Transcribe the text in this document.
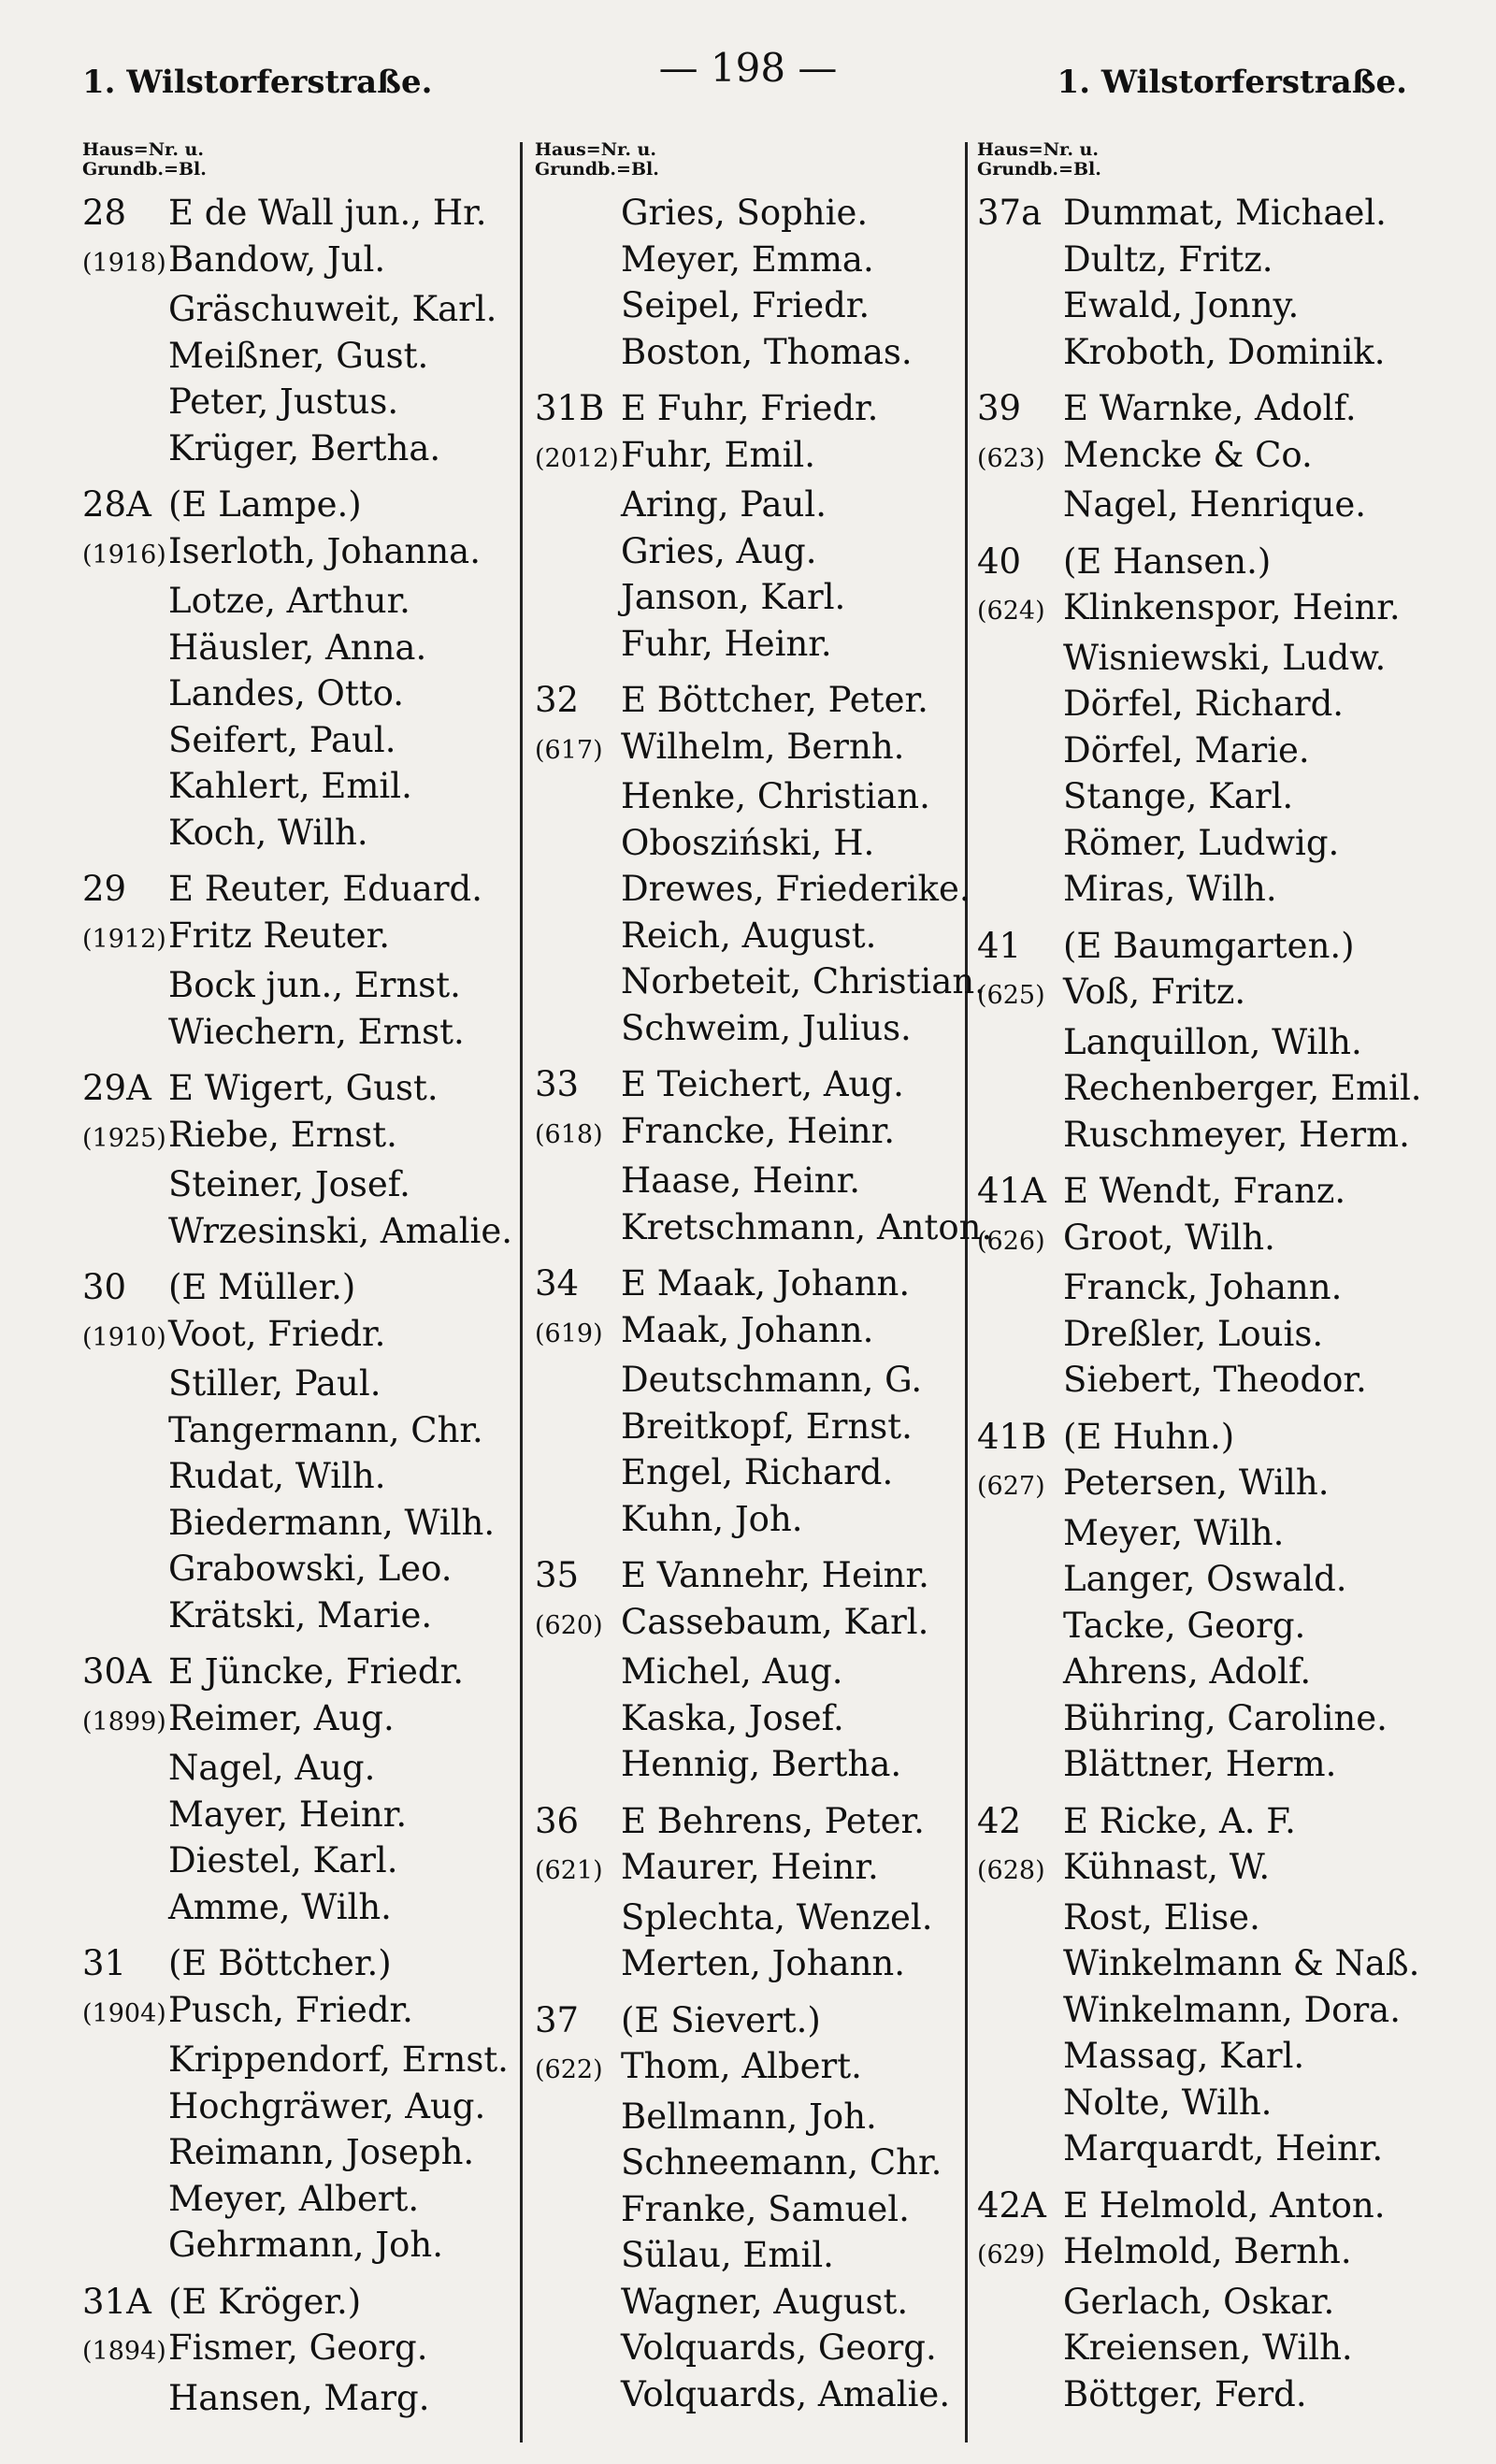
1. Wilstorferstraße.	— 198 —	1. Wilstorferstraße.
Haus=Nr. u.
Grundb.=Bl.
28	E de Wall jun., Hr.
(1918) Bandow, Jul.
Gräschuweit, Karl.
Meißner, Gust.
Peter, Justus.
Krüger, Bertha.
28A (E Lampe.)
(1916) Iserloth, Johanna.
Lotze, Arthur.
Häusler, Anna.
Landes, Otto.
Seifert, Paul.
Kahlert, Emil.
Koch, Wilh.
29	E Reuter, Eduard.
(1912) Fritz Reuter.
Bock jun., Ernst.
Wiechern, Ernst.
29A E Wigert, Gust.
(1925) Riebe, Ernst.
Steiner, Josef.
Wrzesinski, Amalie.
30	(E Müller.)
(1910) Voot, Friedr.
Stiller, Paul.
Tangermann, Chr.
Rudat, Wilh.
Biedermann, Wilh.
Grabowski, Leo.
Krätski, Marie.
30A E Jüncke, Friedr.
(1899) Reimer, Aug.
Nagel, Aug.
Mayer, Heinr.
Diestel, Karl.
Amme, Wilh.
31	(E Böttcher.)
(1904) Pusch, Friedr.
Krippendorf, Ernst.
Hochgräwer, Aug.
Reimann, Joseph.
Meyer, Albert.
Gehrmann, Joh.
31A (E Kröger.)
(1894) Fismer, Georg.
Hansen, Marg.
Haus=Nr. u.
Grundb.=Bl.
Gries, Sophie.
Meyer, Emma.
Seipel, Friedr.
Boston, Thomas.
31B E Fuhr, Friedr.
(2012) Fuhr, Emil.
Aring, Paul.
Gries, Aug.
Janson, Karl.
Fuhr, Heinr.
32	E Böttcher, Peter.
(617) Wilhelm, Bernh.
Henke, Christian.
Obosziński, H.
Drewes, Friederike.
Reich, August.
Norbeteit, Christian.
Schweim, Julius.
33	E Teichert, Aug.
(618) Francke, Heinr.
Haase, Heinr.
Kretschmann, Anton.
34	E Maak, Johann.
(619) Maak, Johann.
Deutschmann, G.
Breitkopf, Ernst.
Engel, Richard.
Kuhn, Joh.
35	E Vannehr, Heinr.
(620) Cassebaum, Karl.
Michel, Aug.
Kaska, Josef.
Hennig, Bertha.
36	E Behrens, Peter.
(621) Maurer, Heinr.
Splechta, Wenzel.
Merten, Johann.
37	(E Sievert.)
(622) Thom, Albert.
Bellmann, Joh.
Schneemann, Chr.
Franke, Samuel.
Sülau, Emil.
Wagner, August.
Volquards, Georg.
Volquards, Amalie.
Haus=Nr. u.
Grundb.=Bl.
37a Dummat, Michael.
Dultz, Fritz.
Ewald, Jonny.
Kroboth, Dominik.
39	E Warnke, Adolf.
(623) Mencke & Co.
Nagel, Henrique.
40	(E Hansen.)
(624) Klinkenspor, Heinr.
Wisniewski, Ludw.
Dörfel, Richard.
Dörfel, Marie.
Stange, Karl.
Römer, Ludwig.
Miras, Wilh.
41	(E Baumgarten.)
(625) Voß, Fritz.
Lanquillon, Wilh.
Rechenberger, Emil.
Ruschmeyer, Herm.
41A E Wendt, Franz.
(626) Groot, Wilh.
Franck, Johann.
Dreßler, Louis.
Siebert, Theodor.
41B (E Huhn.)
(627) Petersen, Wilh.
Meyer, Wilh.
Langer, Oswald.
Tacke, Georg.
Ahrens, Adolf.
Bühring, Caroline.
Blättner, Herm.
42	E Ricke, A. F.
(628) Kühnast, W.
Rost, Elise.
Winkelmann & Naß.
Winkelmann, Dora.
Massag, Karl.
Nolte, Wilh.
Marquardt, Heinr.
42A E Helmold, Anton.
(629) Helmold, Bernh.
Gerlach, Oskar.
Kreiensen, Wilh.
Böttger, Ferd.
